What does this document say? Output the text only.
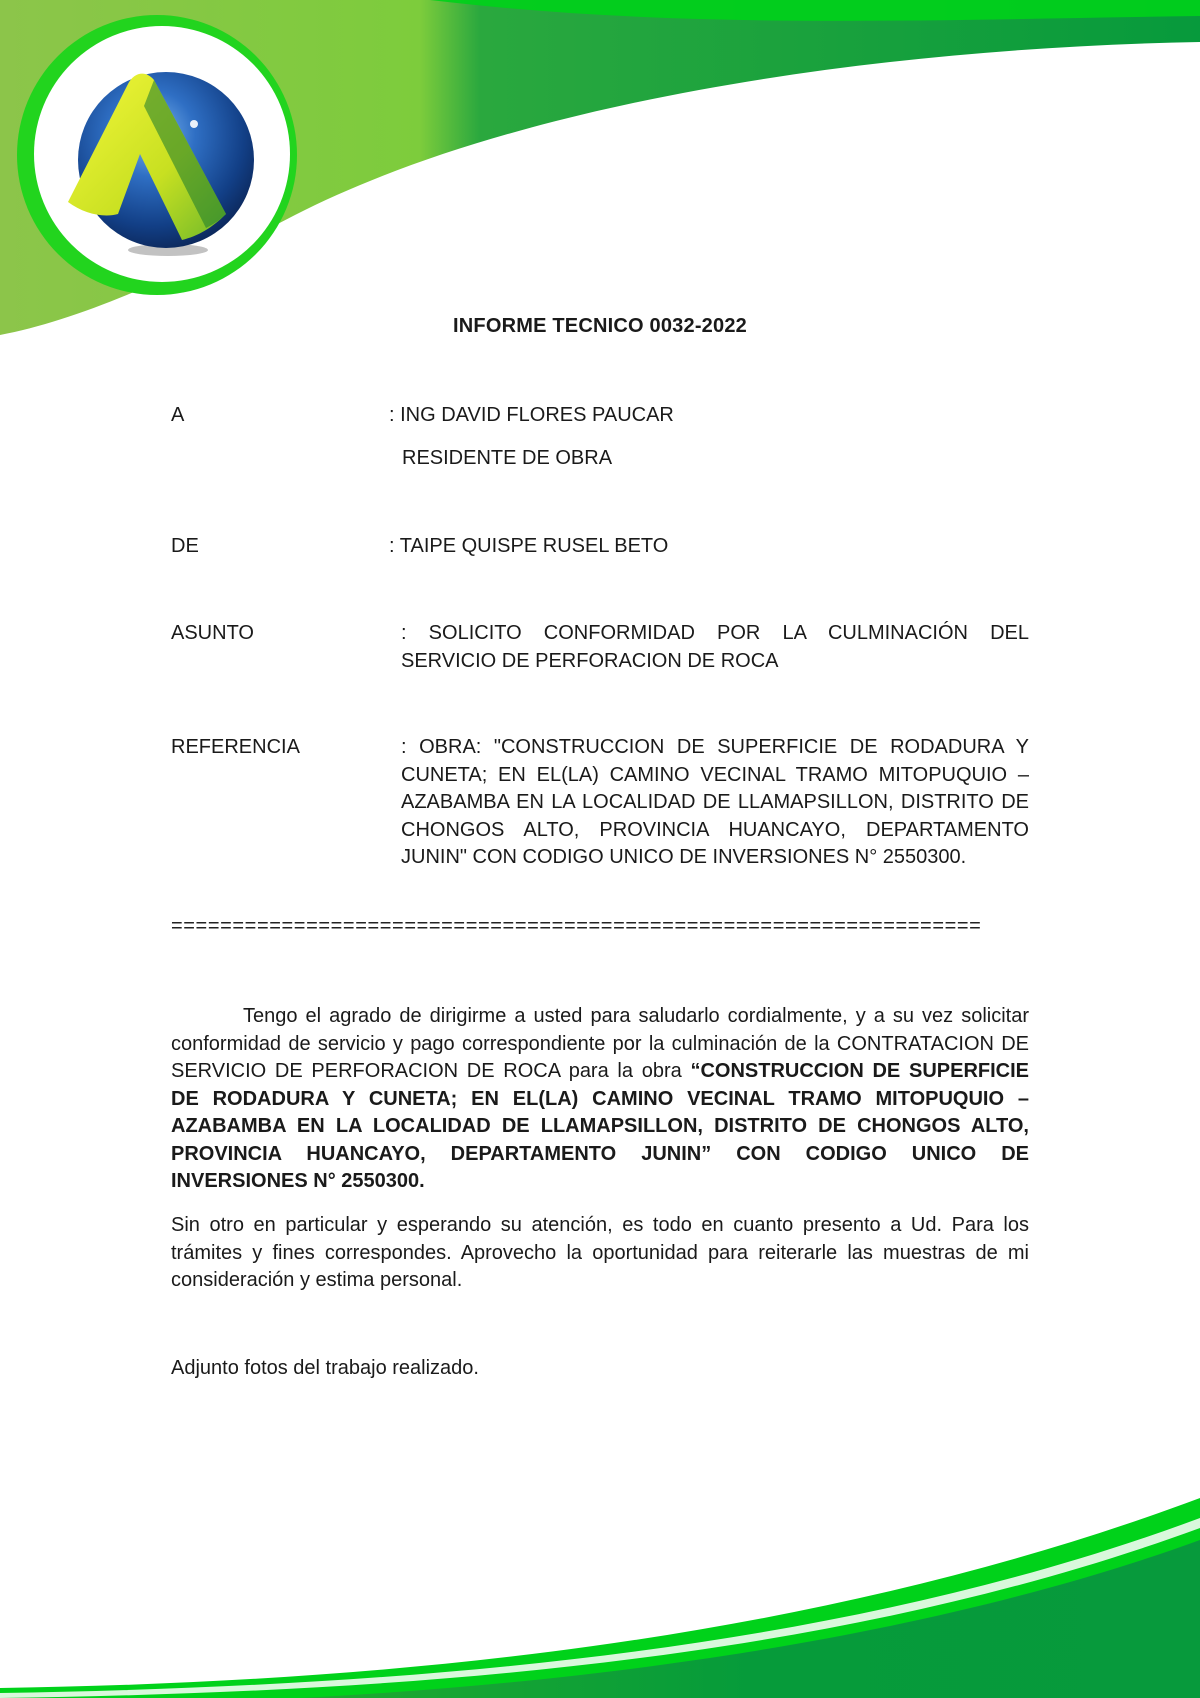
INFORME TECNICO 0032-2022
A	: ING DAVID FLORES PAUCAR
RESIDENTE DE OBRA
DE	: TAIPE QUISPE RUSEL BETO
ASUNTO	: SOLICITO CONFORMIDAD POR LA CULMINACIÓN DEL SERVICIO DE PERFORACION DE ROCA
REFERENCIA	: OBRA: "CONSTRUCCION DE SUPERFICIE DE RODADURA Y CUNETA; EN EL(LA) CAMINO VECINAL TRAMO MITOPUQUIO – AZABAMBA EN LA LOCALIDAD DE LLAMAPSILLON, DISTRITO DE CHONGOS ALTO, PROVINCIA HUANCAYO, DEPARTAMENTO JUNIN" CON CODIGO UNICO DE INVERSIONES N° 2550300.
==================================================================

Tengo el agrado de dirigirme a usted para saludarlo cordialmente, y a su vez solicitar conformidad de servicio y pago correspondiente por la culminación de la CONTRATACION DE SERVICIO DE PERFORACION DE ROCA para la obra “CONSTRUCCION DE SUPERFICIE DE RODADURA Y CUNETA; EN EL(LA) CAMINO VECINAL TRAMO MITOPUQUIO – AZABAMBA EN LA LOCALIDAD DE LLAMAPSILLON, DISTRITO DE CHONGOS ALTO, PROVINCIA HUANCAYO, DEPARTAMENTO JUNIN” CON CODIGO UNICO DE INVERSIONES N° 2550300.

Sin otro en particular y esperando su atención, es todo en cuanto presento a Ud. Para los trámites y fines correspondes. Aprovecho la oportunidad para reiterarle las muestras de mi consideración y estima personal.

Adjunto fotos del trabajo realizado.
